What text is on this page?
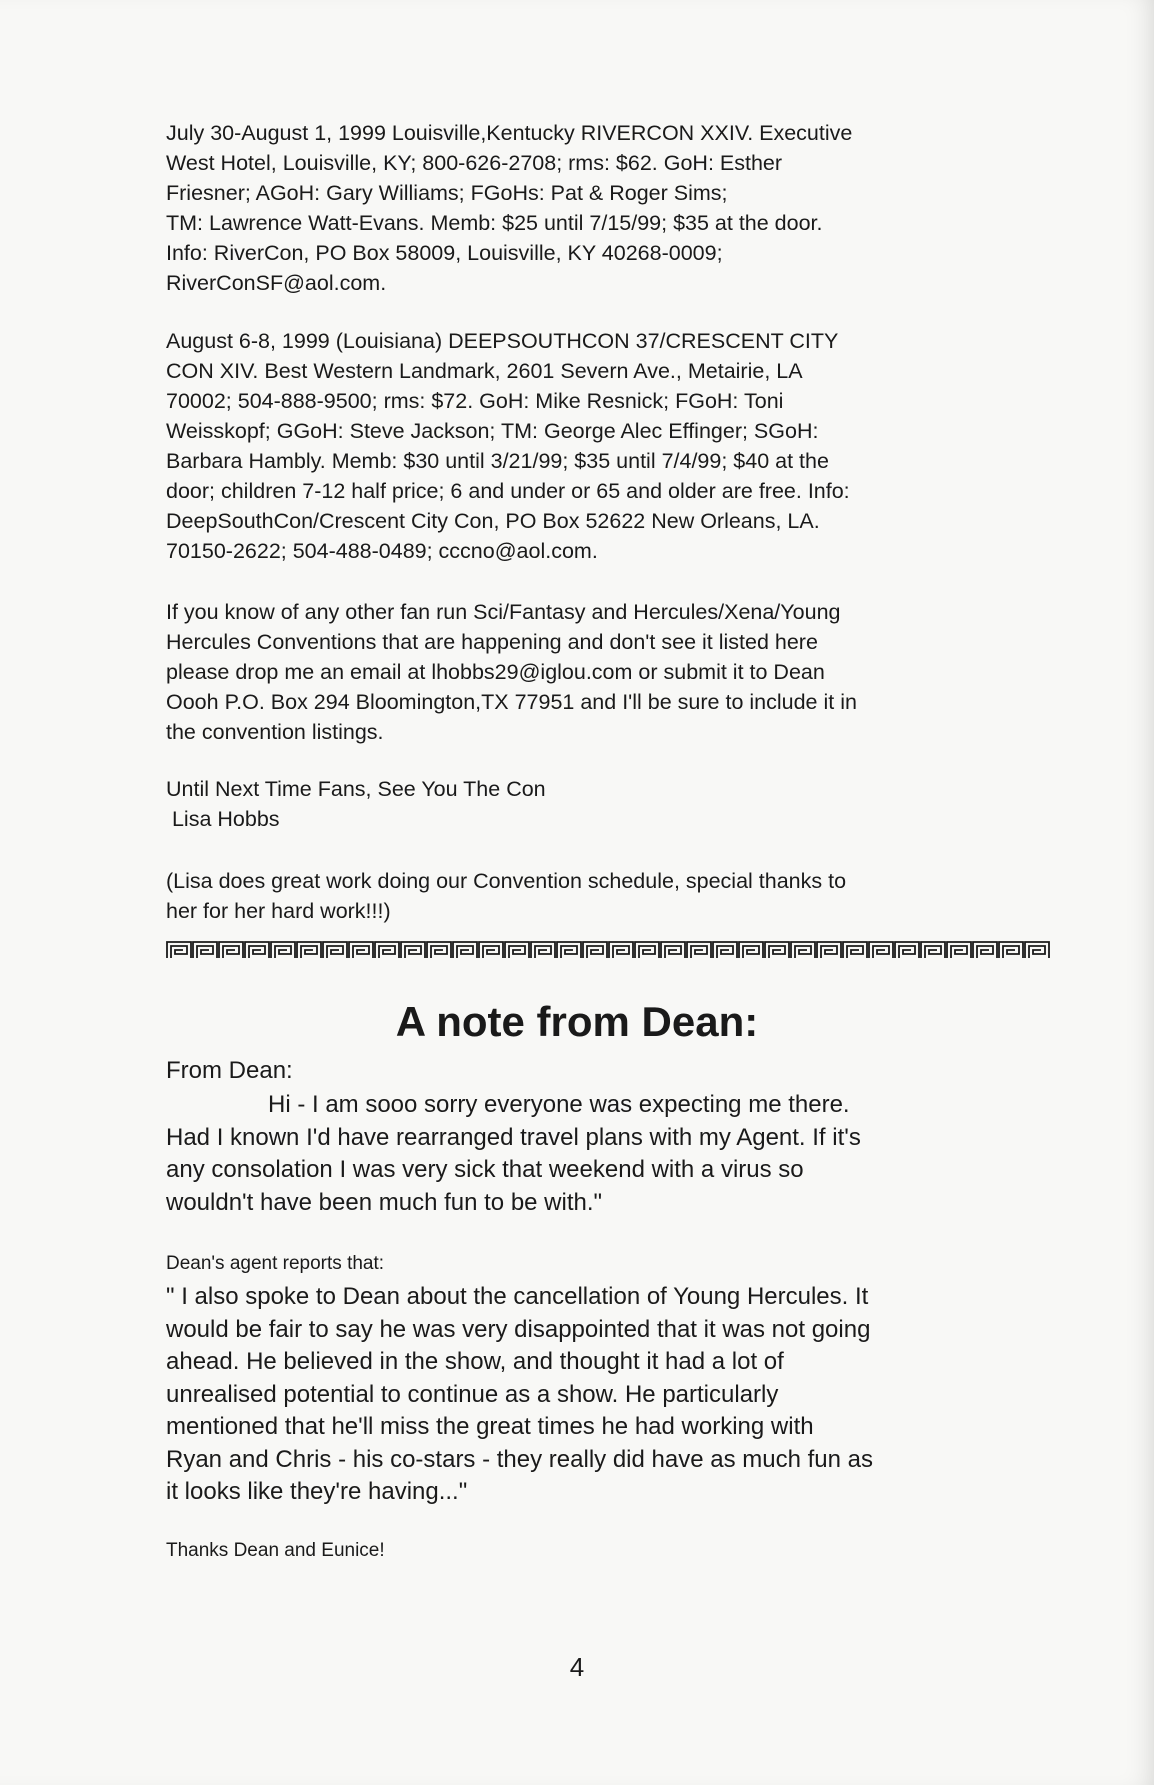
July 30-August 1, 1999 Louisville,Kentucky RIVERCON XXIV. Executive
West Hotel, Louisville, KY; 800-626-2708; rms: $62. GoH: Esther
Friesner; AGoH: Gary Williams; FGoHs: Pat & Roger Sims;
TM: Lawrence Watt-Evans. Memb: $25 until 7/15/99; $35 at the door.
Info: RiverCon, PO Box 58009, Louisville, KY 40268-0009;
RiverConSF@aol.com.
August 6-8, 1999 (Louisiana) DEEPSOUTHCON 37/CRESCENT CITY
CON XIV. Best Western Landmark, 2601 Severn Ave., Metairie, LA
70002; 504-888-9500; rms: $72. GoH: Mike Resnick; FGoH: Toni
Weisskopf; GGoH: Steve Jackson; TM: George Alec Effinger; SGoH:
Barbara Hambly. Memb: $30 until 3/21/99; $35 until 7/4/99; $40 at the
door; children 7-12 half price; 6 and under or 65 and older are free. Info:
DeepSouthCon/Crescent City Con, PO Box 52622 New Orleans, LA.
70150-2622; 504-488-0489; cccno@aol.com.
If you know of any other fan run Sci/Fantasy and Hercules/Xena/Young
Hercules Conventions that are happening and don't see it listed here
please drop me an email at lhobbs29@iglou.com or submit it to Dean
Oooh P.O. Box 294 Bloomington,TX 77951 and I'll be sure to include it in
the convention listings.
Until Next Time Fans, See You The Con
Lisa Hobbs
(Lisa does great work doing our Convention schedule, special thanks to
her for her hard work!!!)
A note from Dean:

From Dean:

Hi - I am sooo sorry everyone was expecting me there.
Had I known I'd have rearranged travel plans with my Agent. If it's
any consolation I was very sick that weekend with a virus so
wouldn't have been much fun to be with."

Dean's agent reports that:

" I also spoke to Dean about the cancellation of Young Hercules. It
would be fair to say he was very disappointed that it was not going
ahead. He believed in the show, and thought it had a lot of
unrealised potential to continue as a show. He particularly
mentioned that he'll miss the great times he had working with
Ryan and Chris - his co-stars - they really did have as much fun as
it looks like they're having..."

Thanks Dean and Eunice!

4
